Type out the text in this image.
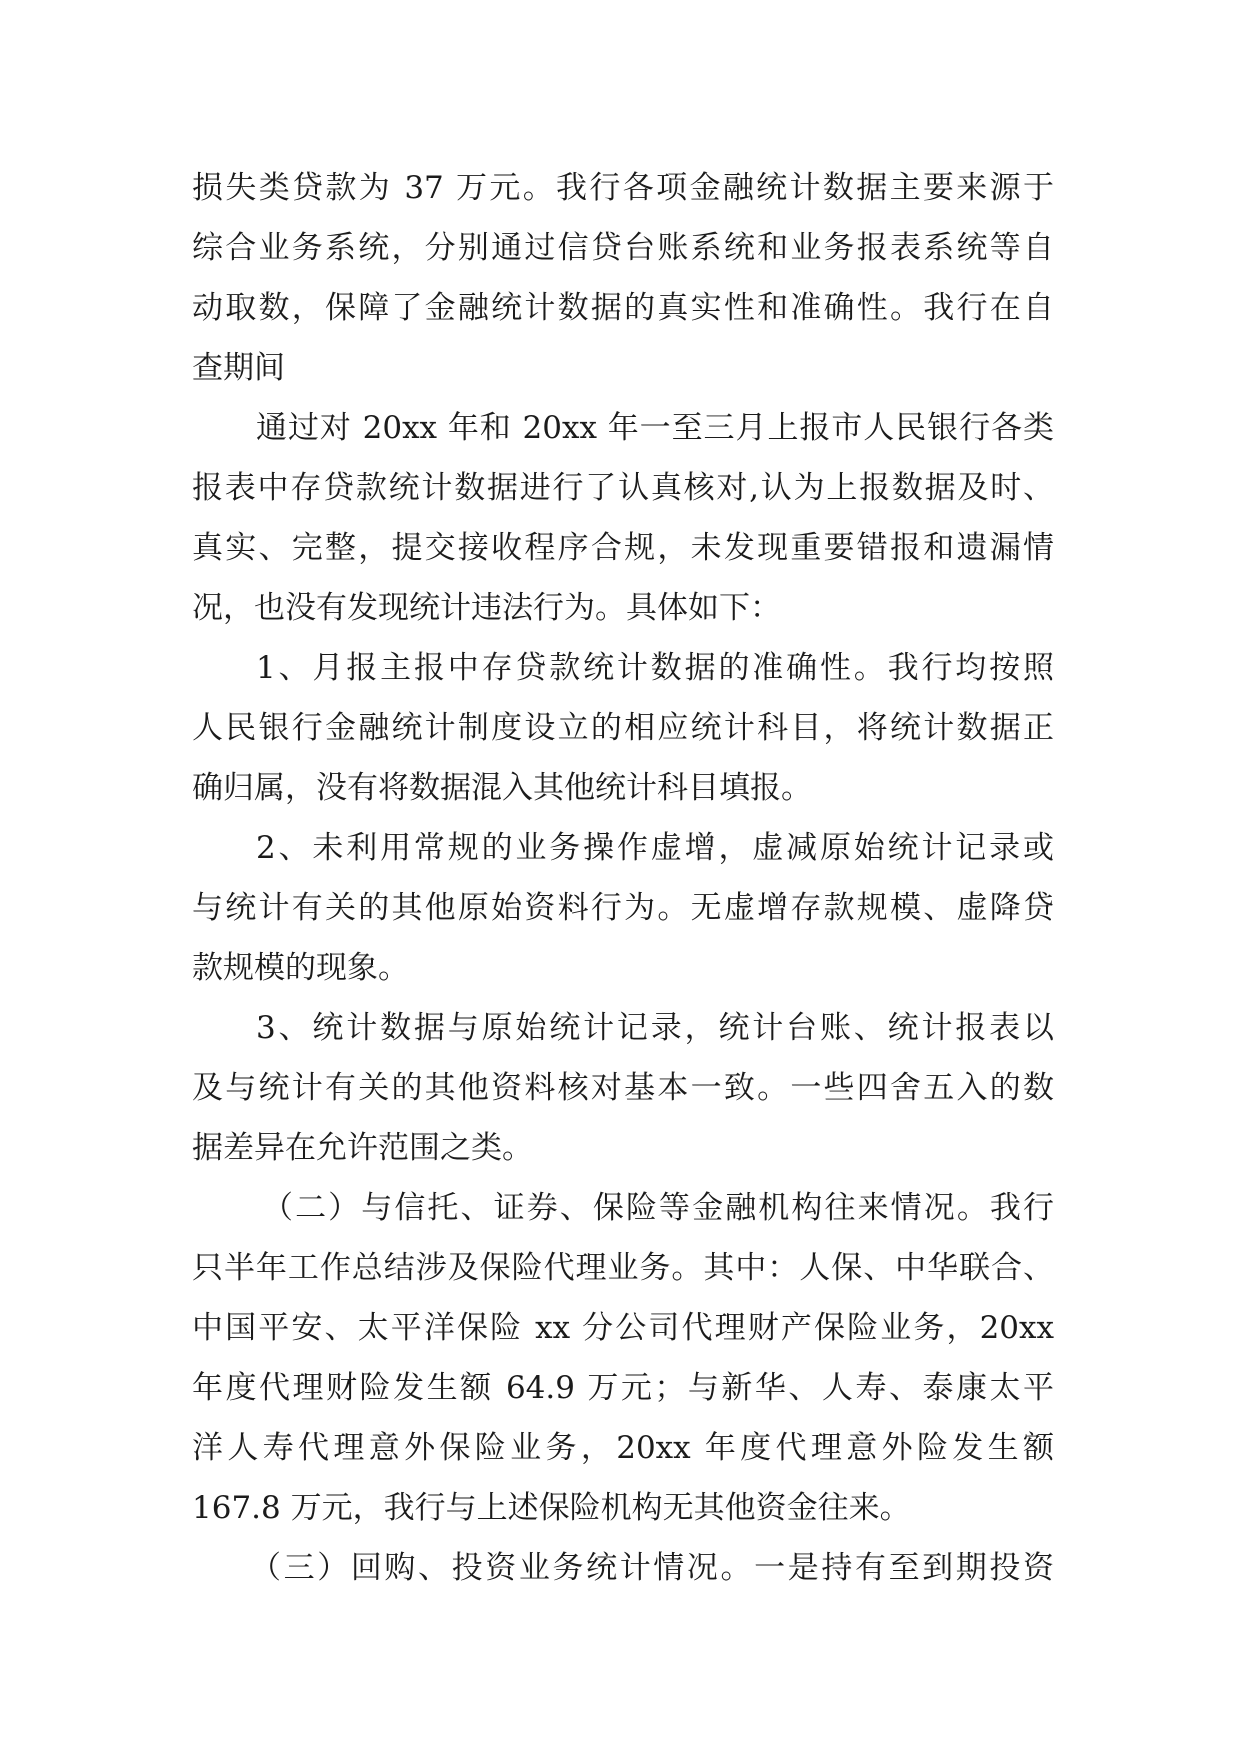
损失类贷款为 37 万元。我行各项金融统计数据主要来源于
综合业务系统，分别通过信贷台账系统和业务报表系统等自
动取数，保障了金融统计数据的真实性和准确性。我行在自
查期间
通过对 20xx 年和 20xx 年一至三月上报市人民银行各类
报表中存贷款统计数据进行了认真核对,认为上报数据及时、
真实、完整，提交接收程序合规，未发现重要错报和遗漏情
况，也没有发现统计违法行为。具体如下：
1、月报主报中存贷款统计数据的准确性。我行均按照
人民银行金融统计制度设立的相应统计科目，将统计数据正
确归属，没有将数据混入其他统计科目填报。
2、未利用常规的业务操作虚增，虚减原始统计记录或
与统计有关的其他原始资料行为。无虚增存款规模、虚降贷
款规模的现象。
3、统计数据与原始统计记录，统计台账、统计报表以
及与统计有关的其他资料核对基本一致。一些四舍五入的数
据差异在允许范围之类。
（二）与信托、证券、保险等金融机构往来情况。我行
只半年工作总结涉及保险代理业务。其中：人保、中华联合、
中国平安、太平洋保险 xx 分公司代理财产保险业务，20xx
年度代理财险发生额 64.9 万元；与新华、人寿、泰康太平
洋人寿代理意外保险业务，20xx 年度代理意外险发生额
167.8 万元，我行与上述保险机构无其他资金往来。
（三）回购、投资业务统计情况。一是持有至到期投资
